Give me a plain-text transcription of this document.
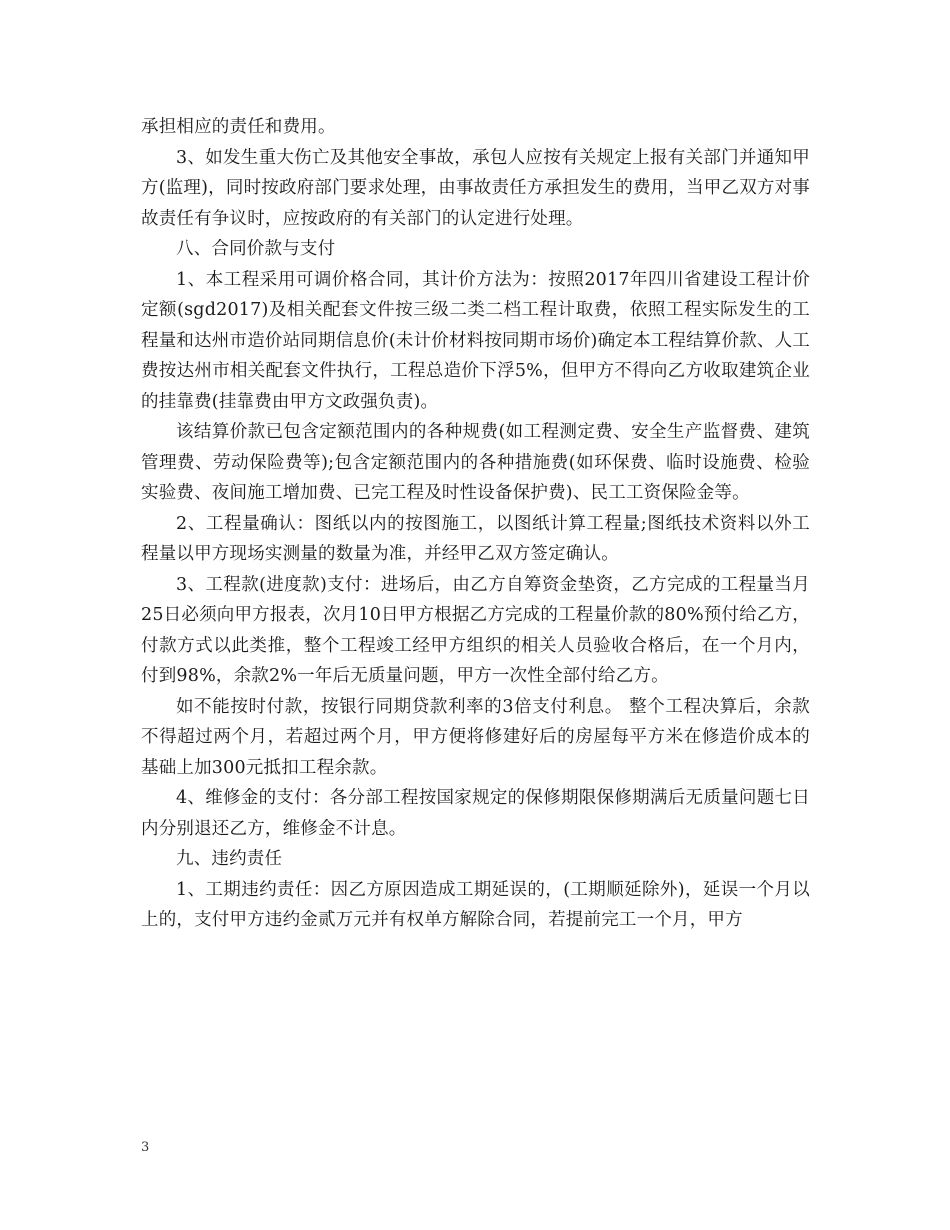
承担相应的责任和费用。

3、如发生重大伤亡及其他安全事故，承包人应按有关规定上报有关部门并通知甲方(监理)，同时按政府部门要求处理，由事故责任方承担发生的费用，当甲乙双方对事故责任有争议时，应按政府的有关部门的认定进行处理。

八、合同价款与支付

1、本工程采用可调价格合同，其计价方法为：按照2017年四川省建设工程计价定额(sgd2017)及相关配套文件按三级二类二档工程计取费，依照工程实际发生的工程量和达州市造价站同期信息价(未计价材料按同期市场价)确定本工程结算价款、人工费按达州市相关配套文件执行，工程总造价下浮5%，但甲方不得向乙方收取建筑企业的挂靠费(挂靠费由甲方文政强负责)。

该结算价款已包含定额范围内的各种规费(如工程测定费、安全生产监督费、建筑管理费、劳动保险费等);包含定额范围内的各种措施费(如环保费、临时设施费、检验实验费、夜间施工增加费、已完工程及时性设备保护费)、民工工资保险金等。

2、工程量确认：图纸以内的按图施工，以图纸计算工程量;图纸技术资料以外工程量以甲方现场实测量的数量为准，并经甲乙双方签定确认。

3、工程款(进度款)支付：进场后，由乙方自筹资金垫资，乙方完成的工程量当月25日必须向甲方报表，次月10日甲方根据乙方完成的工程量价款的80%预付给乙方，付款方式以此类推，整个工程竣工经甲方组织的相关人员验收合格后，在一个月内，付到98%，余款2%一年后无质量问题，甲方一次性全部付给乙方。

如不能按时付款，按银行同期贷款利率的3倍支付利息。 整个工程决算后，余款不得超过两个月，若超过两个月，甲方便将修建好后的房屋每平方米在修造价成本的基础上加300元抵扣工程余款。

4、维修金的支付：各分部工程按国家规定的保修期限保修期满后无质量问题七日内分别退还乙方，维修金不计息。

九、违约责任

1、工期违约责任：因乙方原因造成工期延误的，(工期顺延除外)，延误一个月以上的，支付甲方违约金贰万元并有权单方解除合同，若提前完工一个月，甲方

3
